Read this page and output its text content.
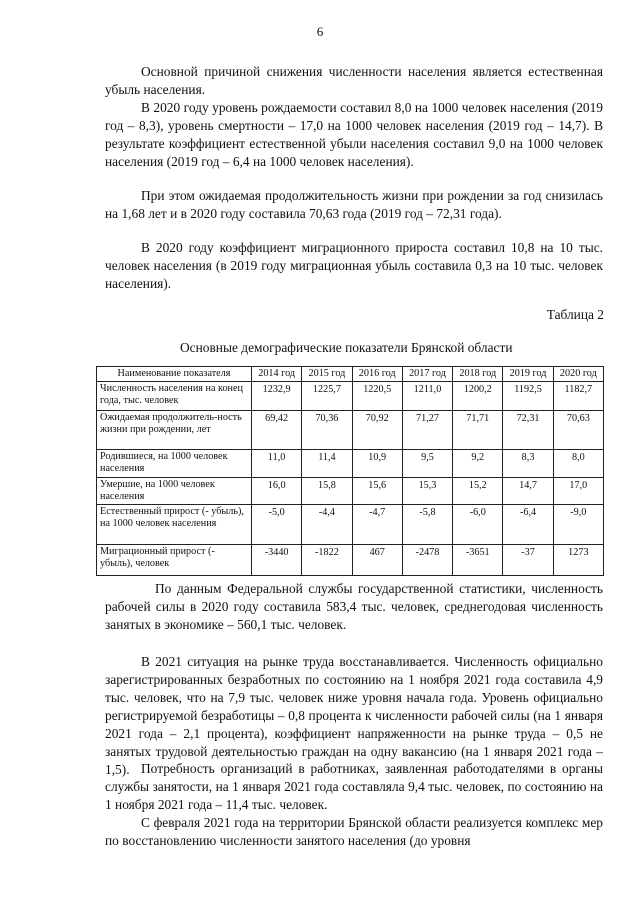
6

Основной причиной снижения численности населения является естественная убыль населения.

В 2020 году уровень рождаемости составил 8,0 на 1000 человек населения (2019 год – 8,3), уровень смертности – 17,0 на 1000 человек населения (2019 год – 14,7). В результате коэффициент естественной убыли населения составил 9,0 на 1000 человек населения (2019 год – 6,4 на 1000 человек населения).

При этом ожидаемая продолжительность жизни при рождении за год снизилась на 1,68 лет и в 2020 году составила 70,63 года (2019 год – 72,31 года).

В 2020 году коэффициент миграционного прироста составил 10,8 на 10 тыс. человек населения (в 2019 году миграционная убыль составила 0,3 на 10 тыс. человек населения).

Таблица 2
Основные демографические показатели Брянской области
Наименование показателя	2014 год	2015 год	2016 год	2017 год	2018 год	2019 год	2020 год
Численность населения на конец года, тыс. человек	1232,9	1225,7	1220,5	1211,0	1200,2	1192,5	1182,7
Ожидаемая продолжитель-ность жизни при рождении, лет	69,42	70,36	70,92	71,27	71,71	72,31	70,63
Родившиеся, на 1000 человек населения	11,0	11,4	10,9	9,5	9,2	8,3	8,0
Умершие, на 1000 человек населения	16,0	15,8	15,6	15,3	15,2	14,7	17,0
Естественный прирост (- убыль), на 1000 человек населения	-5,0	-4,4	-4,7	-5,8	-6,0	-6,4	-9,0
Миграционный прирост (- убыль), человек	-3440	-1822	467	-2478	-3651	-37	1273

По данным Федеральной службы государственной статистики, численность рабочей силы в 2020 году составила 583,4 тыс. человек, среднегодовая численность занятых в экономике – 560,1 тыс. человек.

В 2021 ситуация на рынке труда восстанавливается. Численность официально зарегистрированных безработных по состоянию на 1 ноября 2021 года составила 4,9 тыс. человек, что на 7,9 тыс. человек ниже уровня начала года. Уровень официально регистрируемой безработицы – 0,8 процента к численности рабочей силы (на 1 января 2021 года – 2,1 процента), коэффициент напряженности на рынке труда – 0,5 не занятых трудовой деятельностью граждан на одну вакансию (на 1 января 2021 года – 1,5). Потребность организаций в работниках, заявленная работодателями в органы службы занятости, на 1 января 2021 года составляла 9,4 тыс. человек, по состоянию на 1 ноября 2021 года – 11,4 тыс. человек.

С февраля 2021 года на территории Брянской области реализуется комплекс мер по восстановлению численности занятого населения (до уровня
